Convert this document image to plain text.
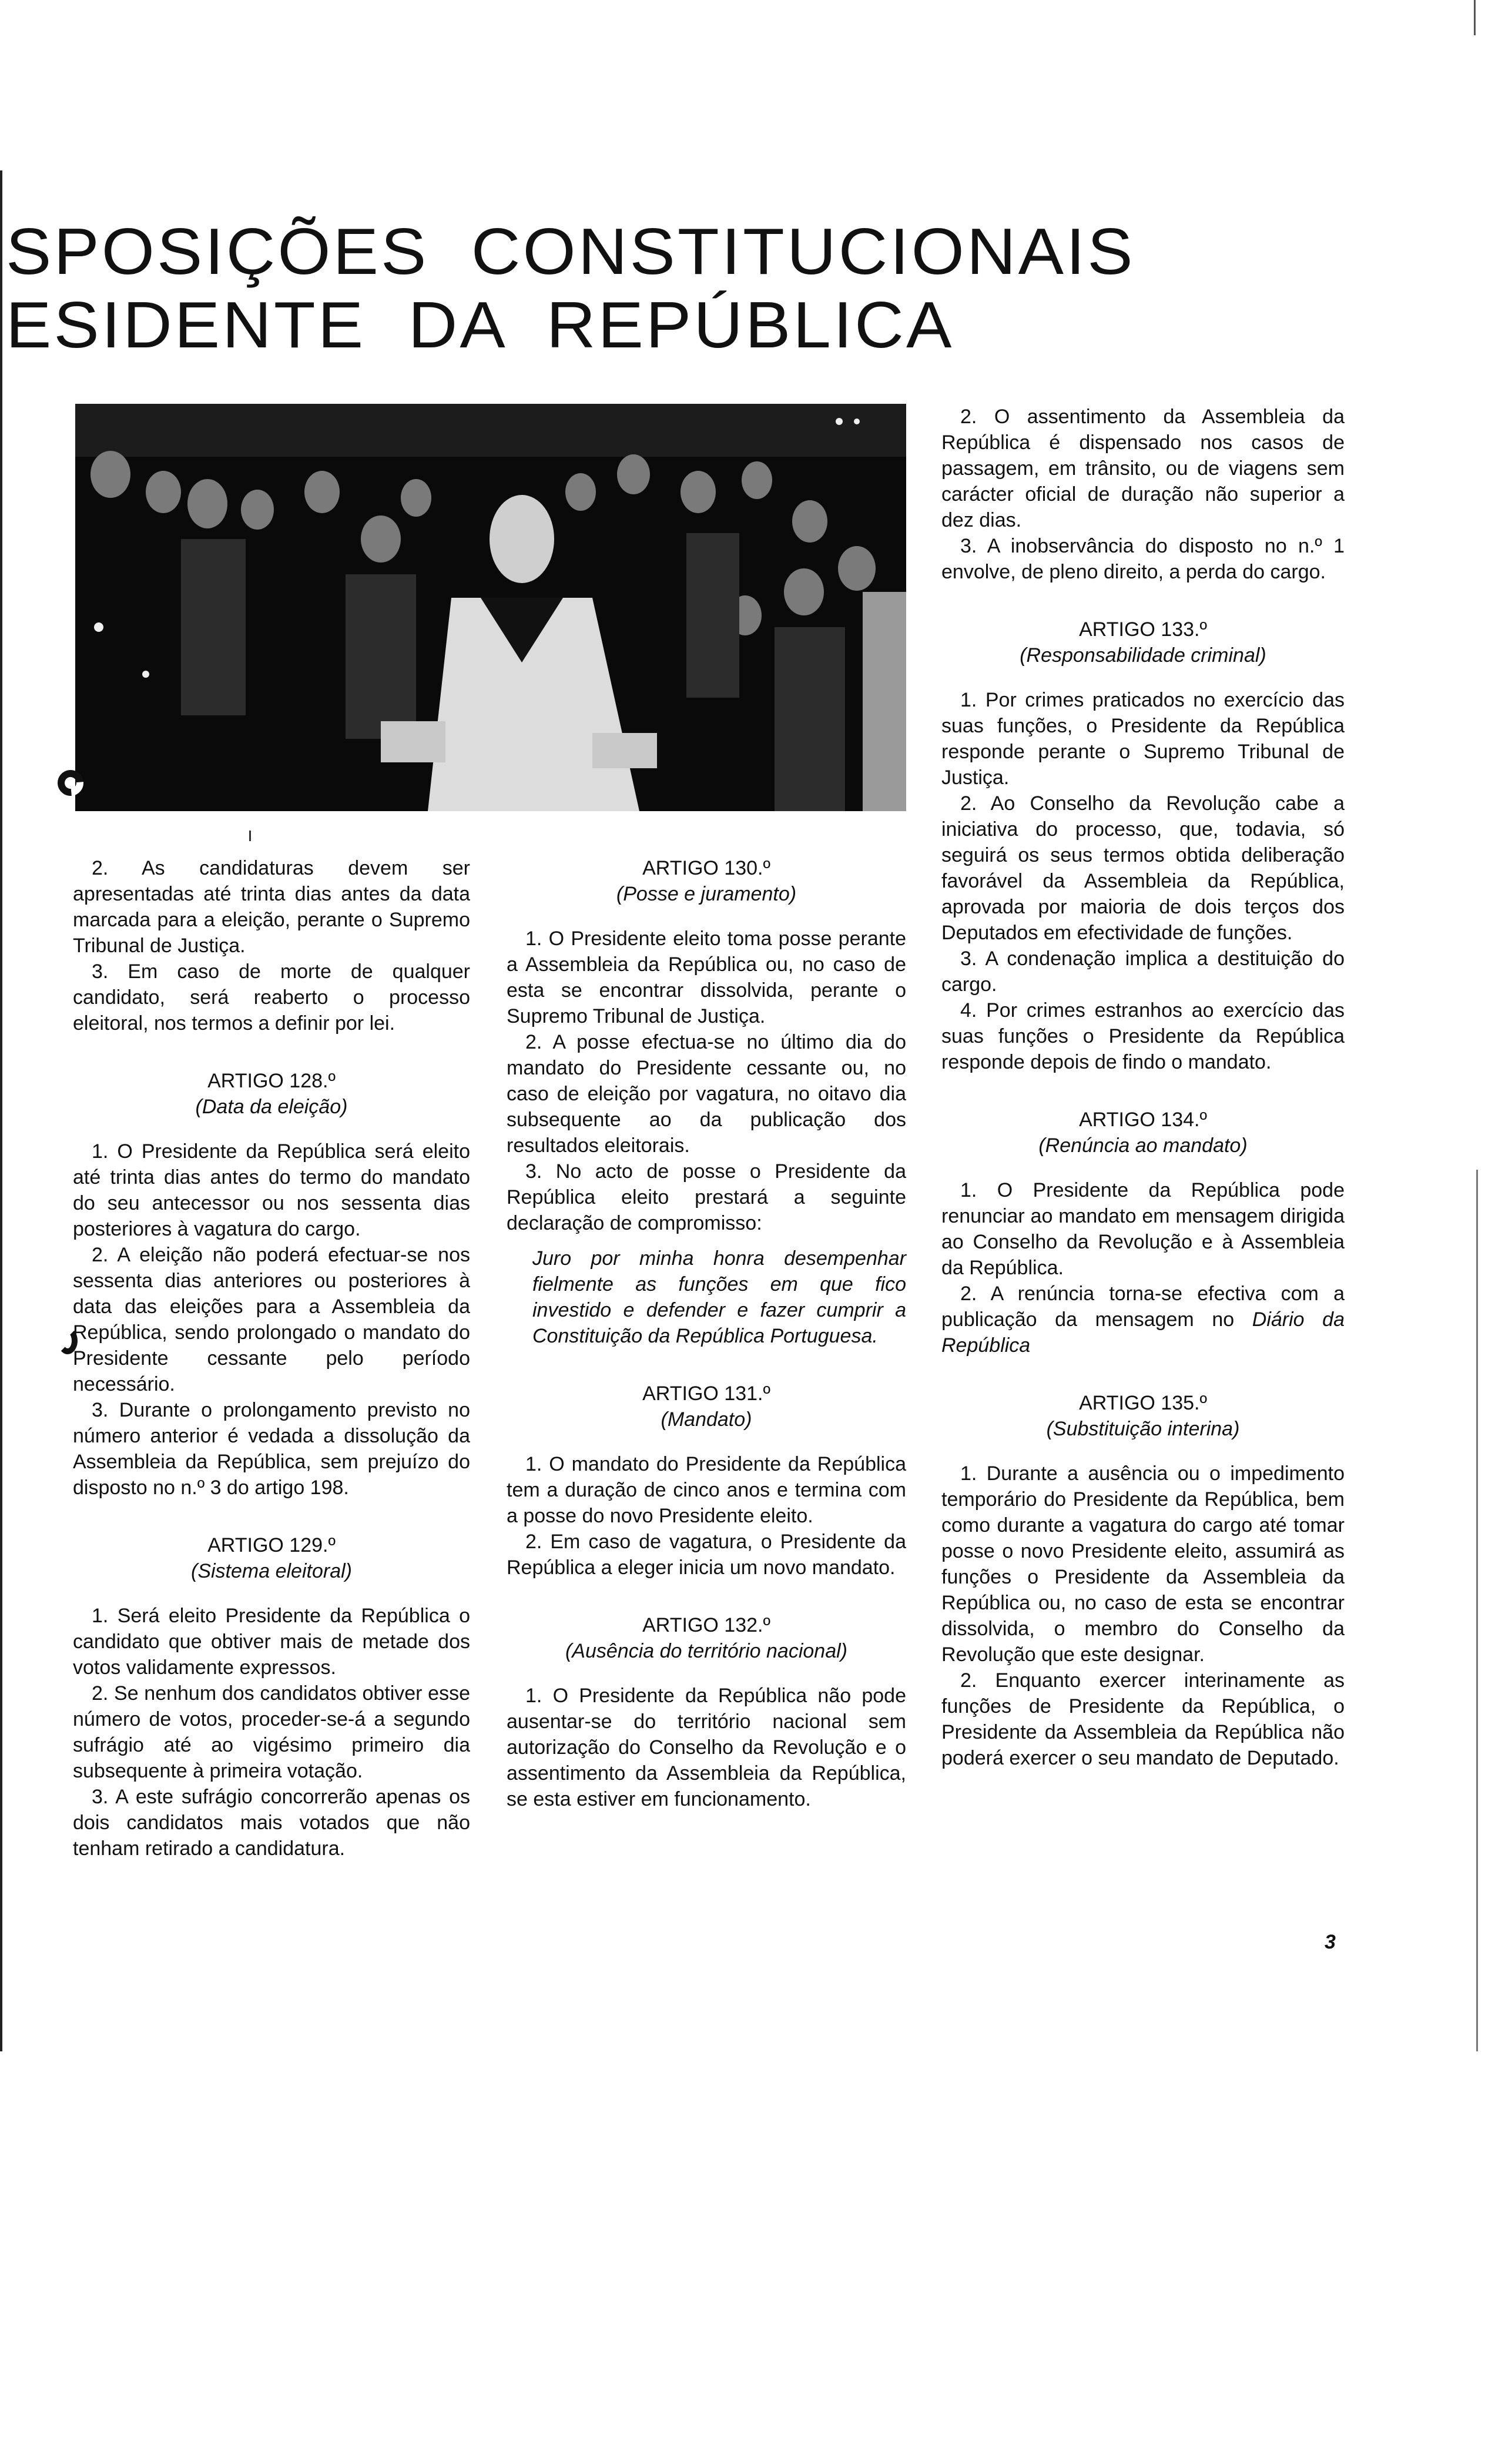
SPOSIÇÕES  CONSTITUCIONAIS
ESIDENTE  DA  REPÚBLICA

2. As candidaturas devem ser apresentadas até trinta dias antes da data marcada para a eleição, perante o Supremo Tribunal de Justiça.

3. Em caso de morte de qualquer candidato, será reaberto o processo eleitoral, nos termos a definir por lei.

ARTIGO 128.º

(Data da eleição)

1. O Presidente da República será eleito até trinta dias antes do termo do mandato do seu antecessor ou nos sessenta dias posteriores à vagatura do cargo.

2. A eleição não poderá efectuar-se nos sessenta dias anteriores ou posteriores à data das eleições para a Assembleia da República, sendo prolongado o mandato do Presidente cessante pelo período necessário.

3. Durante o prolongamento previsto no número anterior é vedada a dissolução da Assembleia da República, sem prejuízo do disposto no n.º 3 do artigo 198.

ARTIGO 129.º

(Sistema eleitoral)

1. Será eleito Presidente da República o candidato que obtiver mais de metade dos votos validamente expressos.

2. Se nenhum dos candidatos obtiver esse número de votos, proceder-se-á a segundo sufrágio até ao vigésimo primeiro dia subsequente à primeira votação.

3. A este sufrágio concorrerão apenas os dois candidatos mais votados que não tenham retirado a candidatura.

ARTIGO 130.º

(Posse e juramento)

1. O Presidente eleito toma posse perante a Assembleia da República ou, no caso de esta se encontrar dissolvida, perante o Supremo Tribunal de Justiça.

2. A posse efectua-se no último dia do mandato do Presidente cessante ou, no caso de eleição por vagatura, no oitavo dia subsequente ao da publicação dos resultados eleitorais.

3. No acto de posse o Presidente da República eleito prestará a seguinte declaração de compromisso:

Juro por minha honra desempenhar fielmente as funções em que fico investido e defender e fazer cumprir a Constituição da República Portuguesa.

ARTIGO 131.º

(Mandato)

1. O mandato do Presidente da República tem a duração de cinco anos e termina com a posse do novo Presidente eleito.

2. Em caso de vagatura, o Presidente da República a eleger inicia um novo mandato.

ARTIGO 132.º

(Ausência do território nacional)

1. O Presidente da República não pode ausentar-se do território nacional sem autorização do Conselho da Revolução e o assentimento da Assembleia da República, se esta estiver em funcionamento.

2. O assentimento da Assembleia da República é dispensado nos casos de passagem, em trânsito, ou de viagens sem carácter oficial de duração não superior a dez dias.

3. A inobservância do disposto no n.º 1 envolve, de pleno direito, a perda do cargo.

ARTIGO 133.º

(Responsabilidade criminal)

1. Por crimes praticados no exercício das suas funções, o Presidente da República responde perante o Supremo Tribunal de Justiça.

2. Ao Conselho da Revolução cabe a iniciativa do processo, que, todavia, só seguirá os seus termos obtida deliberação favorável da Assembleia da República, aprovada por maioria de dois terços dos Deputados em efectividade de funções.

3. A condenação implica a destituição do cargo.

4. Por crimes estranhos ao exercício das suas funções o Presidente da República responde depois de findo o mandato.

ARTIGO 134.º

(Renúncia ao mandato)

1. O Presidente da República pode renunciar ao mandato em mensagem dirigida ao Conselho da Revolução e à Assembleia da República.

2. A renúncia torna-se efectiva com a publicação da mensagem no Diário da República

ARTIGO 135.º

(Substituição interina)

1. Durante a ausência ou o impedimento temporário do Presidente da República, bem como durante a vagatura do cargo até tomar posse o novo Presidente eleito, assumirá as funções o Presidente da Assembleia da República ou, no caso de esta se encontrar dissolvida, o membro do Conselho da Revolução que este designar.

2. Enquanto exercer interinamente as funções de Presidente da República, o Presidente da Assembleia da República não poderá exercer o seu mandato de Deputado.

3
